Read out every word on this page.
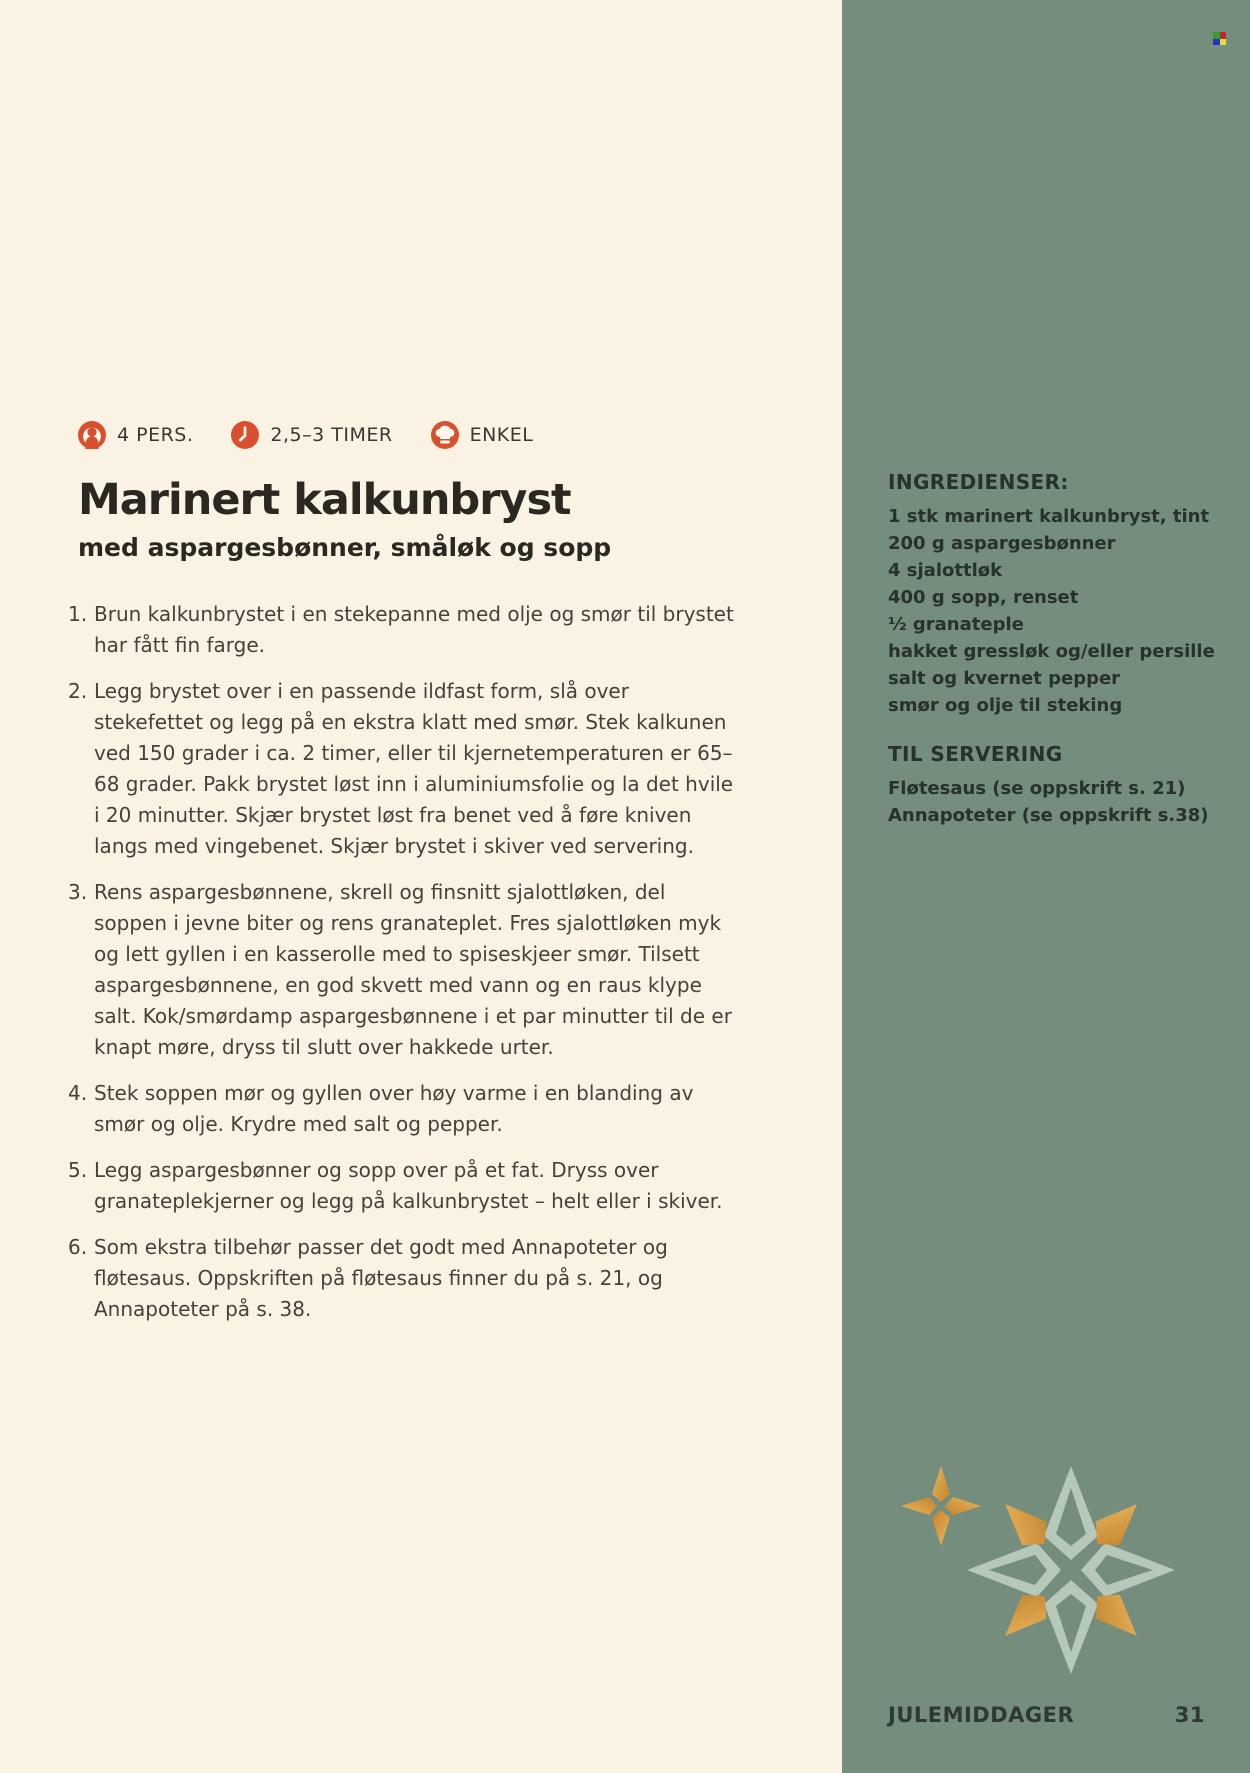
4 PERS.	2,5–3 TIMER	ENKEL
Marinert kalkunbryst
med aspargesbønner, småløk og sopp
Brun kalkunbrystet i en stekepanne med olje og smør til brystet har fått fin farge.
Legg brystet over i en passende ildfast form, slå over stekefettet og legg på en ekstra klatt med smør. Stek kalkunen ved 150 grader i ca. 2 timer, eller til kjernetemperaturen er 65–68 grader. Pakk brystet løst inn i aluminiumsfolie og la det hvile i 20 minutter. Skjær brystet løst fra benet ved å føre kniven langs med vingebenet. Skjær brystet i skiver ved servering.
Rens aspargesbønnene, skrell og finsnitt sjalottløken, del soppen i jevne biter og rens granateplet. Fres sjalottløken myk og lett gyllen i en kasserolle med to spiseskjeer smør. Tilsett aspargesbønnene, en god skvett med vann og en raus klype salt. Kok/smørdamp aspargesbønnene i et par minutter til de er knapt møre, dryss til slutt over hakkede urter.
Stek soppen mør og gyllen over høy varme i en blanding av smør og olje. Krydre med salt og pepper.
Legg aspargesbønner og sopp over på et fat. Dryss over granateplekjerner og legg på kalkunbrystet – helt eller i skiver.
Som ekstra tilbehør passer det godt med Annapoteter og fløtesaus. Oppskriften på fløtesaus finner du på s. 21, og Annapoteter på s. 38.
INGREDIENSER:
1 stk marinert kalkunbryst, tint
200 g aspargesbønner
4 sjalottløk
400 g sopp, renset
½ granateple
hakket gressløk og/eller persille
salt og kvernet pepper
smør og olje til steking
TIL SERVERING
Fløtesaus (se oppskrift s. 21)
Annapoteter (se oppskrift s.38)
JULEMIDDAGER	31
